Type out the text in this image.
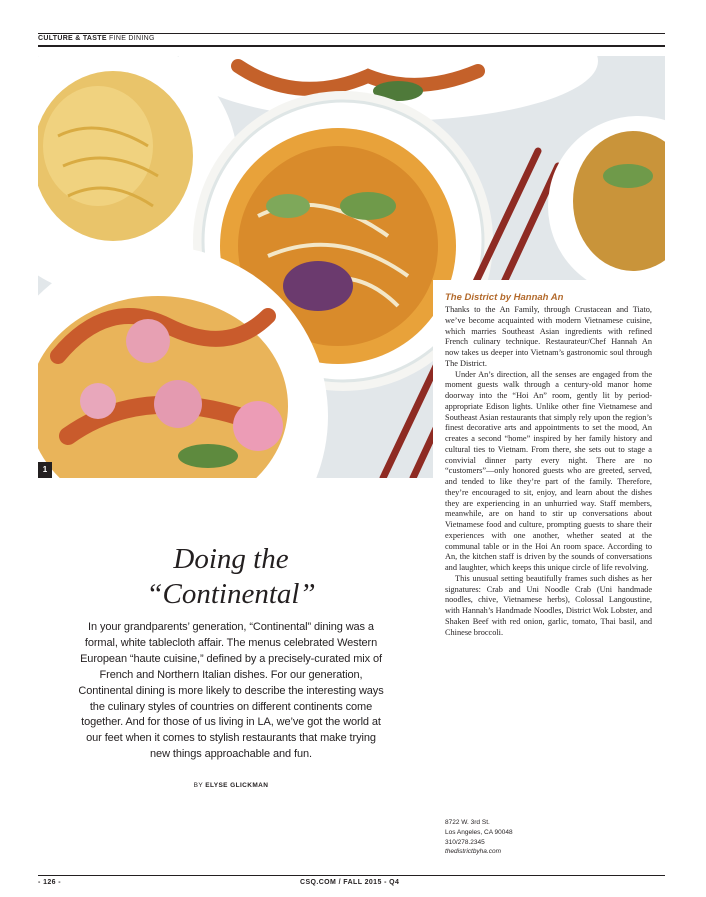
CULTURE & TASTE FINE DINING
1
The District by Hannah An

Thanks to the An Family, through Crustacean and Tiato, we’ve become acquainted with modern Vietnamese cuisine, which marries Southeast Asian ingredients with refined French culinary technique. Restaurateur/Chef Hannah An now takes us deeper into Vietnam’s gastronomic soul through The District.

Under An’s direction, all the senses are engaged from the moment guests walk through a century-old manor home doorway into the “Hoi An” room, gently lit by period-appropriate Edison lights. Unlike other fine Vietnamese and Southeast Asian restaurants that simply rely upon the region’s finest decorative arts and appointments to set the mood, An creates a second “home” inspired by her family history and cultural ties to Vietnam. From there, she sets out to stage a convivial dinner party every night. There are no “customers”—only honored guests who are greeted, served, and tended to like they’re part of the family. Therefore, they’re encouraged to sit, enjoy, and learn about the dishes they are experiencing in an unhurried way. Staff members, meanwhile, are on hand to stir up conversations about Vietnamese food and culture, prompting guests to share their experiences with one another, whether seated at the communal table or in the Hoi An room space. According to An, the kitchen staff is driven by the sounds of conversations and laughter, which keeps this unique circle of life revolving.

This unusual setting beautifully frames such dishes as her signatures: Crab and Uni Noodle Crab (Uni handmade noodles, chive, Vietnamese herbs), Colossal Langoustine, with Hannah’s Handmade Noodles, District Wok Lobster, and Shaken Beef with red onion, garlic, tomato, Thai basil, and Chinese broccoli.

8722 W. 3rd St.
Los Angeles, CA 90048
310/278.2345
thedistrictbyha.com
Doing the
“Continental”
In your grandparents’ generation, “Continental” dining was a formal, white tablecloth affair. The menus celebrated Western European “haute cuisine,” defined by a precisely-curated mix of French and Northern Italian dishes. For our generation, Continental dining is more likely to describe the interesting ways the culinary styles of countries on different continents come together. And for those of us living in LA, we’ve got the world at our feet when it comes to stylish restaurants that make trying new things approachable and fun.
BY ELYSE GLICKMAN
- 126 -	CSQ.COM / FALL 2015 - Q4
